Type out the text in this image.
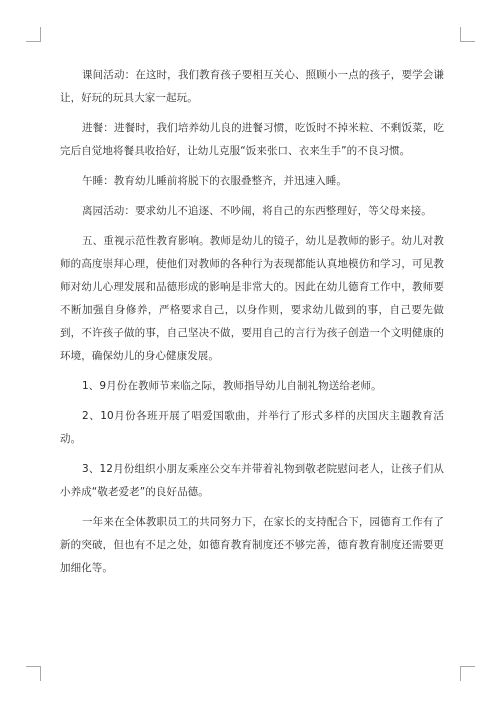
课间活动：在这时，我们教育孩子要相互关心、照顾小一点的孩子，要学会谦让，好玩的玩具大家一起玩。

进餐：进餐时，我们培养幼儿良的进餐习惯，吃饭时不掉米粒、不剩饭菜，吃完后自觉地将餐具收拾好，让幼儿克服“饭来张口、衣来生手”的不良习惯。

午睡：教育幼儿睡前将脱下的衣服叠整齐，并迅速入睡。

离园活动：要求幼儿不追逐、不吵闹，将自己的东西整理好，等父母来接。

五、重视示范性教育影响。教师是幼儿的镜子，幼儿是教师的影子。幼儿对教师的高度崇拜心理，使他们对教师的各种行为表现都能认真地模仿和学习，可见教师对幼儿心理发展和品德形成的影响是非常大的。因此在幼儿德育工作中，教师要不断加强自身修养，严格要求自己，以身作则，要求幼儿做到的事，自己要先做到，不许孩子做的事，自己坚决不做，要用自己的言行为孩子创造一个文明健康的环境，确保幼儿的身心健康发展。

1、9月份在教师节来临之际，教师指导幼儿自制礼物送给老师。

2、10月份各班开展了唱爱国歌曲，并举行了形式多样的庆国庆主题教育活动。

3、12月份组织小朋友乘座公交车并带着礼物到敬老院慰问老人，让孩子们从小养成“敬老爱老”的良好品德。

一年来在全体教职员工的共同努力下，在家长的支持配合下，园德育工作有了新的突破，但也有不足之处，如德育教育制度还不够完善，德育教育制度还需要更加细化等。
